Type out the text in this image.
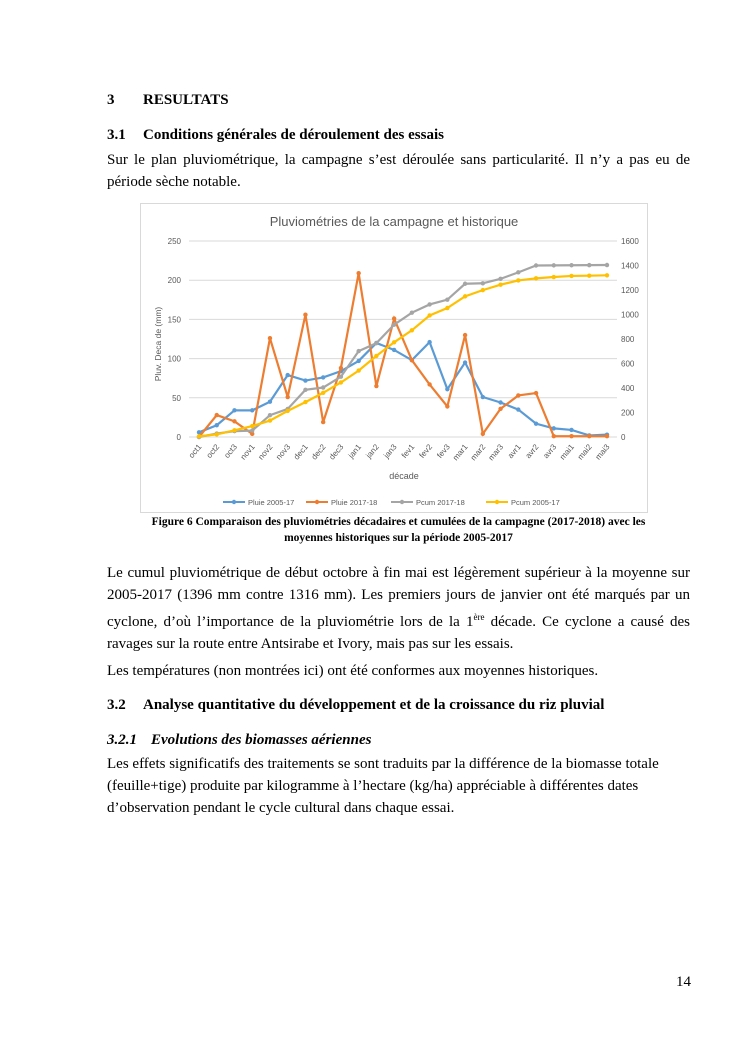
3 RESULTATS
3.1 Conditions générales de déroulement des essais
Sur le plan pluviométrique, la campagne s’est déroulée sans particularité. Il n’y a pas eu de période sèche notable.
Pluviométries de la campagne et historique
Pluv. Deca de (mm)
décade
0
50
100
150
200
250
0
200
400
600
800
1000
1200
1400
1600
oct1 oct2 oct3 nov1 nov2 nov3 dec1 dec2 dec3 jan1 jan2 jan3 fev1 fev2 fev3 mar1 mar2 mar3 avr1 avr2 avr3 mai1 mai2 mai3
Pluie 2005-17	Pluie 2017-18	Pcum 2017-18	Pcum 2005-17
Figure 6 Comparaison des pluviométries décadaires et cumulées de la campagne (2017-2018) avec les
moyennes historiques sur la période 2005-2017
Le cumul pluviométrique de début octobre à fin mai est légèrement supérieur à la moyenne sur 2005-2017 (1396 mm contre 1316 mm). Les premiers jours de janvier ont été marqués par un cyclone, d’où l’importance de la pluviométrie lors de la 1ère décade. Ce cyclone a causé des ravages sur la route entre Antsirabe et Ivory, mais pas sur les essais.
Les températures (non montrées ici) ont été conformes aux moyennes historiques.
3.2 Analyse quantitative du développement et de la croissance du riz pluvial
3.2.1 Evolutions des biomasses aériennes
Les effets significatifs des traitements se sont traduits par la différence de la biomasse totale (feuille+tige) produite par kilogramme à l’hectare (kg/ha) appréciable à différentes dates d’observation pendant le cycle cultural dans chaque essai.
14
